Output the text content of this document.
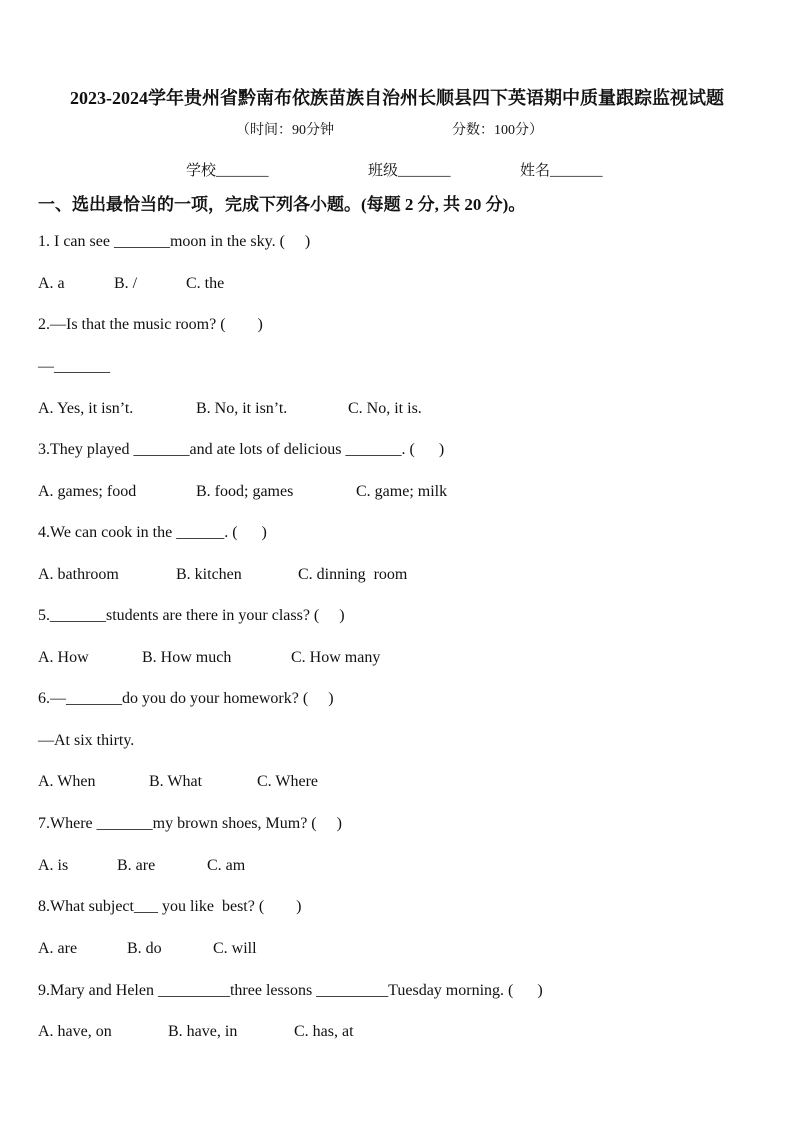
2023-2024学年贵州省黔南布依族苗族自治州长顺县四下英语期中质量跟踪监视试题
（时间：90分钟	分数：100分）
学校_______	班级_______	姓名_______
一、选出最恰当的一项，完成下列各小题。(每题 2 分, 共 20 分)。
1. I can see _______moon in the sky. (     )
A. a	B. /	C. the
2.—Is that the music room? (        )
—_______
A. Yes, it isn’t.	B. No, it isn’t.	C. No, it is.
3.They played _______and ate lots of delicious _______. (      )
A. games; food	B. food; games	C. game; milk
4.We can cook in the ______. (      )
A. bathroom	B. kitchen	C. dinning  room
5._______students are there in your class? (     )
A. How	B. How much	C. How many
6.—_______do you do your homework? (     )
—At six thirty.
A. When	B. What	C. Where
7.Where _______my brown shoes, Mum? (     )
A. is	B. are	C. am
8.What subject___ you like  best? (        )
A. are	B. do	C. will
9.Mary and Helen _________three lessons _________Tuesday morning. (      )
A. have, on	B. have, in	C. has, at
